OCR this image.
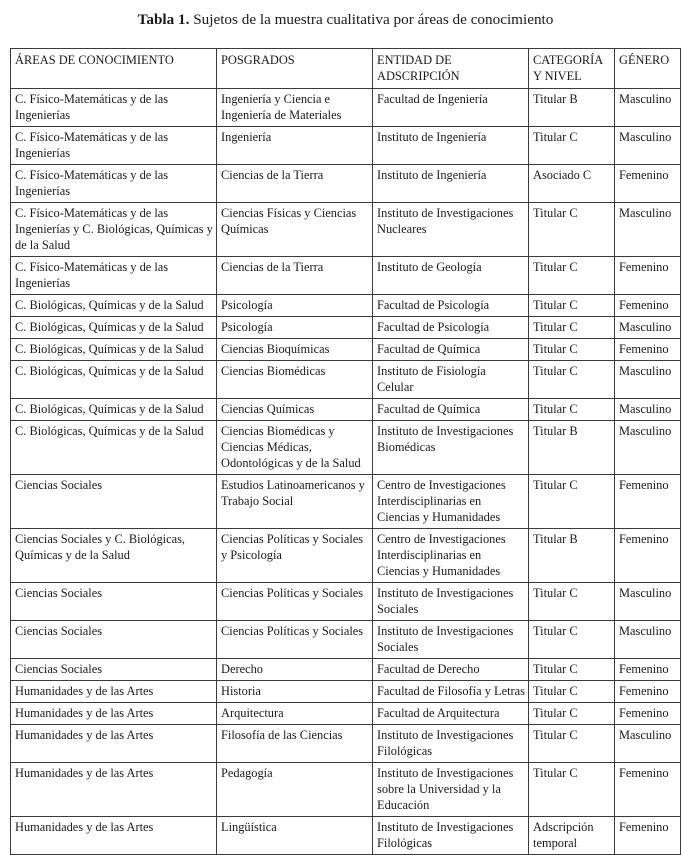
Tabla 1. Sujetos de la muestra cualitativa por áreas de conocimiento
ÁREAS DE CONOCIMIENTO	POSGRADOS	ENTIDAD DE ADSCRIPCIÓN	CATEGORÍA Y NIVEL	GÉNERO
C. Físico-Matemáticas y de las Ingenierías	Ingeniería y Ciencia e Ingeniería de Materiales	Facultad de Ingeniería	Titular B	Masculino
C. Físico-Matemáticas y de las Ingenierías	Ingeniería	Instituto de Ingeniería	Titular C	Masculino
C. Físico-Matemáticas y de las Ingenierías	Ciencias de la Tierra	Instituto de Ingeniería	Asociado C	Femenino
C. Físico-Matemáticas y de las Ingenierías y C. Biológicas, Químicas y de la Salud	Ciencias Físicas y Ciencias Químicas	Instituto de Investigaciones Nucleares	Titular C	Masculino
C. Físico-Matemáticas y de las Ingenierías	Ciencias de la Tierra	Instituto de Geología	Titular C	Femenino
C. Biológicas, Químicas y de la Salud	Psicología	Facultad de Psicología	Titular C	Femenino
C. Biológicas, Químicas y de la Salud	Psicología	Facultad de Psicología	Titular C	Masculino
C. Biológicas, Químicas y de la Salud	Ciencias Bioquímicas	Facultad de Química	Titular C	Femenino
C. Biológicas, Químicas y de la Salud	Ciencias Biomédicas	Instituto de Fisiología Celular	Titular C	Masculino
C. Biológicas, Químicas y de la Salud	Ciencias Químicas	Facultad de Química	Titular C	Masculino
C. Biológicas, Químicas y de la Salud	Ciencias Biomédicas y Ciencias Médicas, Odontológicas y de la Salud	Instituto de Investigaciones Biomédicas	Titular B	Masculino
Ciencias Sociales	Estudios Latinoamericanos y Trabajo Social	Centro de Investigaciones Interdisciplinarias en Ciencias y Humanidades	Titular C	Femenino
Ciencias Sociales y C. Biológicas, Químicas y de la Salud	Ciencias Políticas y Sociales y Psicología	Centro de Investigaciones Interdisciplinarias en Ciencias y Humanidades	Titular B	Femenino
Ciencias Sociales	Ciencias Políticas y Sociales	Instituto de Investigaciones Sociales	Titular C	Masculino
Ciencias Sociales	Ciencias Políticas y Sociales	Instituto de Investigaciones Sociales	Titular C	Masculino
Ciencias Sociales	Derecho	Facultad de Derecho	Titular C	Femenino
Humanidades y de las Artes	Historia	Facultad de Filosofía y Letras	Titular C	Femenino
Humanidades y de las Artes	Arquitectura	Facultad de Arquitectura	Titular C	Femenino
Humanidades y de las Artes	Filosofía de las Ciencias	Instituto de Investigaciones Filológicas	Titular C	Masculino
Humanidades y de las Artes	Pedagogía	Instituto de Investigaciones sobre la Universidad y la Educación	Titular C	Femenino
Humanidades y de las Artes	Lingüística	Instituto de Investigaciones Filológicas	Adscripción temporal	Femenino
